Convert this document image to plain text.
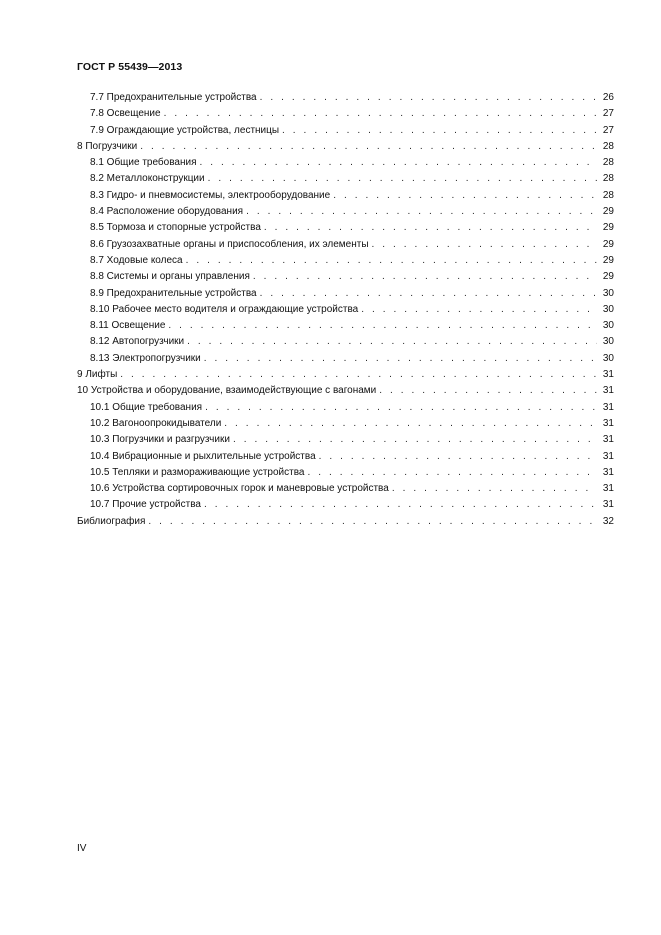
ГОСТ Р 55439—2013
7.7 Предохранительные устройства . . .	26
7.8 Освещение . . .	27
7.9 Ограждающие устройства, лестницы . . .	27
8 Погрузчики . . .	28
8.1 Общие требования . . .	28
8.2 Металлоконструкции . . .	28
8.3 Гидро- и пневмосистемы, электрооборудование . . .	28
8.4 Расположение оборудования . . .	29
8.5 Тормоза и стопорные устройства . . .	29
8.6 Грузозахватные органы и приспособления, их элементы . . .	29
8.7 Ходовые колеса . . .	29
8.8 Системы и органы управления . . .	29
8.9 Предохранительные устройства . . .	30
8.10 Рабочее место водителя и ограждающие устройства . . .	30
8.11 Освещение . . .	30
8.12 Автопогрузчики . . .	30
8.13 Электропогрузчики . . .	30
9 Лифты . . .	31
10 Устройства и оборудование, взаимодействующие с вагонами . . .	31
10.1 Общие требования . . .	31
10.2 Вагоноопрокидыватели . . .	31
10.3 Погрузчики и разгрузчики . . .	31
10.4 Вибрационные и рыхлительные устройства . . .	31
10.5 Тепляки и размораживающие устройства . . .	31
10.6 Устройства сортировочных горок и маневровые устройства . . .	31
10.7 Прочие устройства . . .	31
Библиография . . .	32
IV
